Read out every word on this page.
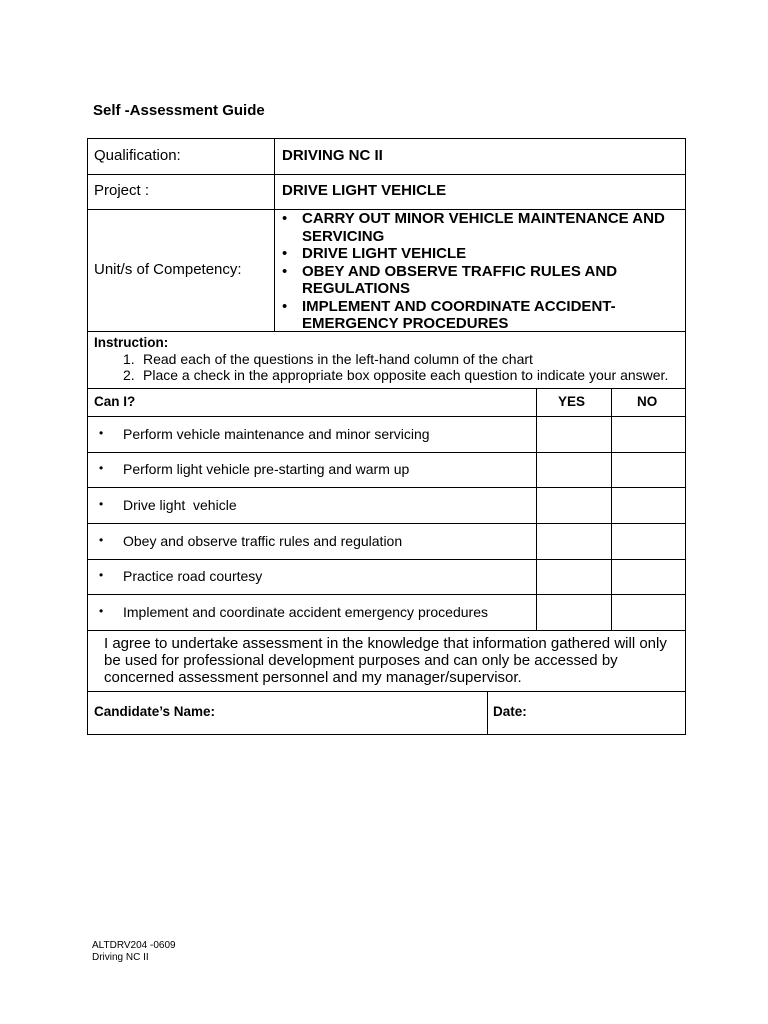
Self -Assessment Guide
Qualification:	DRIVING NC II
Project :	DRIVE LIGHT VEHICLE
Unit/s of Competency:
• CARRY OUT MINOR VEHICLE MAINTENANCE AND SERVICING
• DRIVE LIGHT VEHICLE
• OBEY AND OBSERVE TRAFFIC RULES AND REGULATIONS
• IMPLEMENT AND COORDINATE ACCIDENT-EMERGENCY PROCEDURES
Instruction:
1. Read each of the questions in the left-hand column of the chart
2. Place a check in the appropriate box opposite each question to indicate your answer.
Can I?	YES	NO
• Perform vehicle maintenance and minor servicing
• Perform light vehicle pre-starting and warm up
• Drive light  vehicle
• Obey and observe traffic rules and regulation
• Practice road courtesy
• Implement and coordinate accident emergency procedures
I agree to undertake assessment in the knowledge that information gathered will only be used for professional development purposes and can only be accessed by concerned assessment personnel and my manager/supervisor.
Candidate’s Name:	Date:
ALTDRV204 -0609
Driving NC II
